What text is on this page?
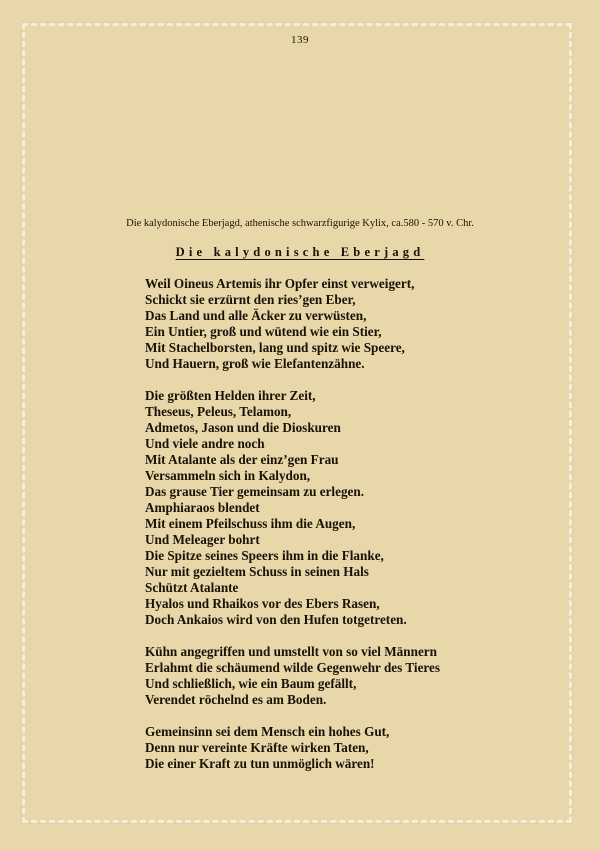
139
Die kalydonische Eberjagd, athenische schwarzfigurige Kylix, ca.580 - 570 v. Chr.
Die kalydonische Eberjagd
Weil Oineus Artemis ihr Opfer einst verweigert,
Schickt sie erzürnt den ries’gen Eber,
Das Land und alle Äcker zu verwüsten,
Ein Untier, groß und wütend wie ein Stier,
Mit Stachelborsten, lang und spitz wie Speere,
Und Hauern, groß wie Elefantenzähne.
Die größten Helden ihrer Zeit,
Theseus, Peleus, Telamon,
Admetos, Jason und die Dioskuren
Und viele andre noch
Mit Atalante als der einz’gen Frau
Versammeln sich in Kalydon,
Das grause Tier gemeinsam zu erlegen.
Amphiaraos blendet
Mit einem Pfeilschuss ihm die Augen,
Und Meleager bohrt
Die Spitze seines Speers ihm in die Flanke,
Nur mit gezieltem Schuss in seinen Hals
Schützt Atalante
Hyalos und Rhaikos vor des Ebers Rasen,
Doch Ankaios wird von den Hufen totgetreten.
Kühn angegriffen und umstellt von so viel Männern
Erlahmt die schäumend wilde Gegenwehr des Tieres
Und schließlich, wie ein Baum gefällt,
Verendet röchelnd es am Boden.
Gemeinsinn sei dem Mensch ein hohes Gut,
Denn nur vereinte Kräfte wirken Taten,
Die einer Kraft zu tun unmöglich wären!
